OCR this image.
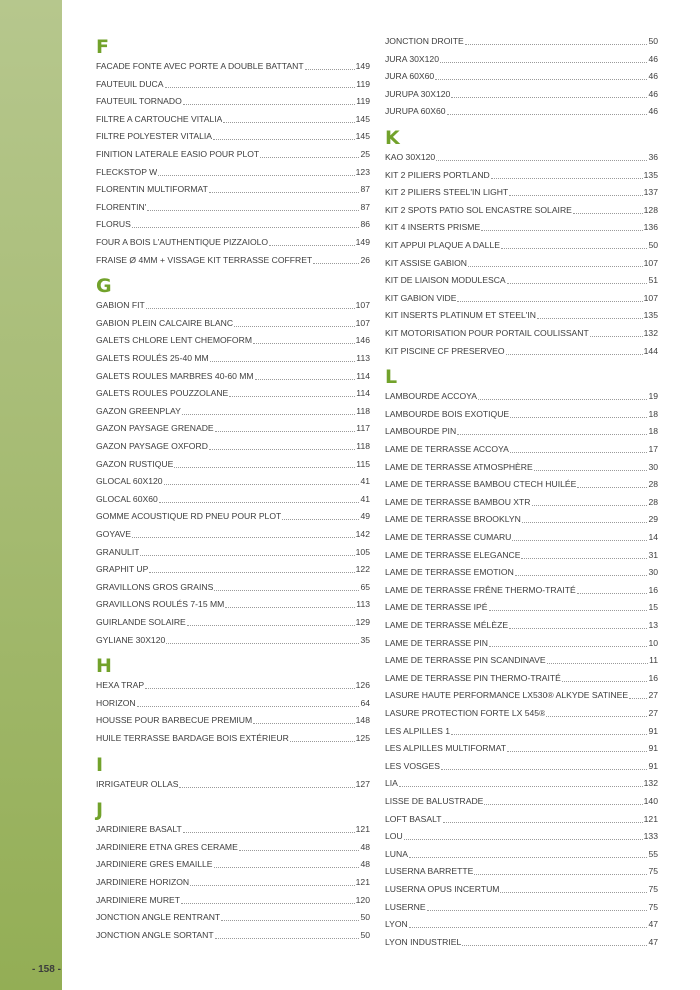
F
FACADE FONTE AVEC PORTE A DOUBLE BATTANT	149
FAUTEUIL DUCA	119
FAUTEUIL TORNADO	119
FILTRE A CARTOUCHE VITALIA	145
FILTRE POLYESTER VITALIA	145
FINITION LATERALE EASIO POUR PLOT	25
FLECKSTOP W	123
FLORENTIN MULTIFORMAT	87
FLORENTIN'	87
FLORUS	86
FOUR A BOIS L'AUTHENTIQUE PIZZAIOLO	149
FRAISE Ø 4MM + VISSAGE KIT TERRASSE COFFRET	26
G
GABION FIT	107
GABION PLEIN CALCAIRE BLANC	107
GALETS CHLORE LENT CHEMOFORM	146
GALETS ROULÉS 25-40 MM	113
GALETS ROULES MARBRES 40-60 MM	114
GALETS ROULES POUZZOLANE	114
GAZON GREENPLAY	118
GAZON PAYSAGE GRENADE	117
GAZON PAYSAGE OXFORD	118
GAZON RUSTIQUE	115
GLOCAL 60X120	41
GLOCAL 60X60	41
GOMME ACOUSTIQUE RD PNEU POUR PLOT	49
GOYAVE	142
GRANULIT	105
GRAPHIT UP	122
GRAVILLONS GROS GRAINS	65
GRAVILLONS ROULÉS 7-15 MM	113
GUIRLANDE SOLAIRE	129
GYLIANE 30X120	35
H
HEXA TRAP	126
HORIZON	64
HOUSSE POUR BARBECUE PREMIUM	148
HUILE TERRASSE BARDAGE BOIS EXTÉRIEUR	125
I
IRRIGATEUR OLLAS	127
J
JARDINIERE BASALT	121
JARDINIERE ETNA GRES CERAME	48
JARDINIERE GRES EMAILLE	48
JARDINIERE HORIZON	121
JARDINIERE MURET	120
JONCTION ANGLE RENTRANT	50
JONCTION ANGLE SORTANT	50
JONCTION DROITE	50
JURA 30X120	46
JURA 60X60	46
JURUPA 30X120	46
JURUPA 60X60	46
K
KAO 30X120	36
KIT 2 PILIERS PORTLAND	135
KIT 2 PILIERS STEEL'IN LIGHT	137
KIT 2 SPOTS PATIO SOL ENCASTRE SOLAIRE	128
KIT 4 INSERTS PRISME	136
KIT APPUI PLAQUE A DALLE	50
KIT ASSISE GABION	107
KIT DE LIAISON MODULESCA	51
KIT GABION VIDE	107
KIT INSERTS PLATINUM ET STEEL'IN	135
KIT MOTORISATION POUR PORTAIL COULISSANT	132
KIT PISCINE CF PRESERVEO	144
L
LAMBOURDE ACCOYA	19
LAMBOURDE BOIS EXOTIQUE	18
LAMBOURDE PIN	18
LAME DE TERRASSE ACCOYA	17
LAME DE TERRASSE ATMOSPHÈRE	30
LAME DE TERRASSE BAMBOU CTECH HUILÉE	28
LAME DE TERRASSE BAMBOU XTR	28
LAME DE TERRASSE BROOKLYN	29
LAME DE TERRASSE CUMARU	14
LAME DE TERRASSE ELEGANCE	31
LAME DE TERRASSE EMOTION	30
LAME DE TERRASSE FRÊNE THERMO-TRAITÉ	16
LAME DE TERRASSE IPÉ	15
LAME DE TERRASSE MÉLÈZE	13
LAME DE TERRASSE PIN	10
LAME DE TERRASSE PIN SCANDINAVE	11
LAME DE TERRASSE PIN THERMO-TRAITÉ	16
LASURE HAUTE PERFORMANCE LX530® ALKYDE SATINEE 27
LASURE PROTECTION FORTE LX 545®	27
LES ALPILLES 1	91
LES ALPILLES MULTIFORMAT	91
LES VOSGES	91
LIA	132
LISSE DE BALUSTRADE	140
LOFT BASALT	121
LOU	133
LUNA	55
LUSERNA BARRETTE	75
LUSERNA OPUS INCERTUM	75
LUSERNE	75
LYON	47
LYON INDUSTRIEL	47
- 158 -
